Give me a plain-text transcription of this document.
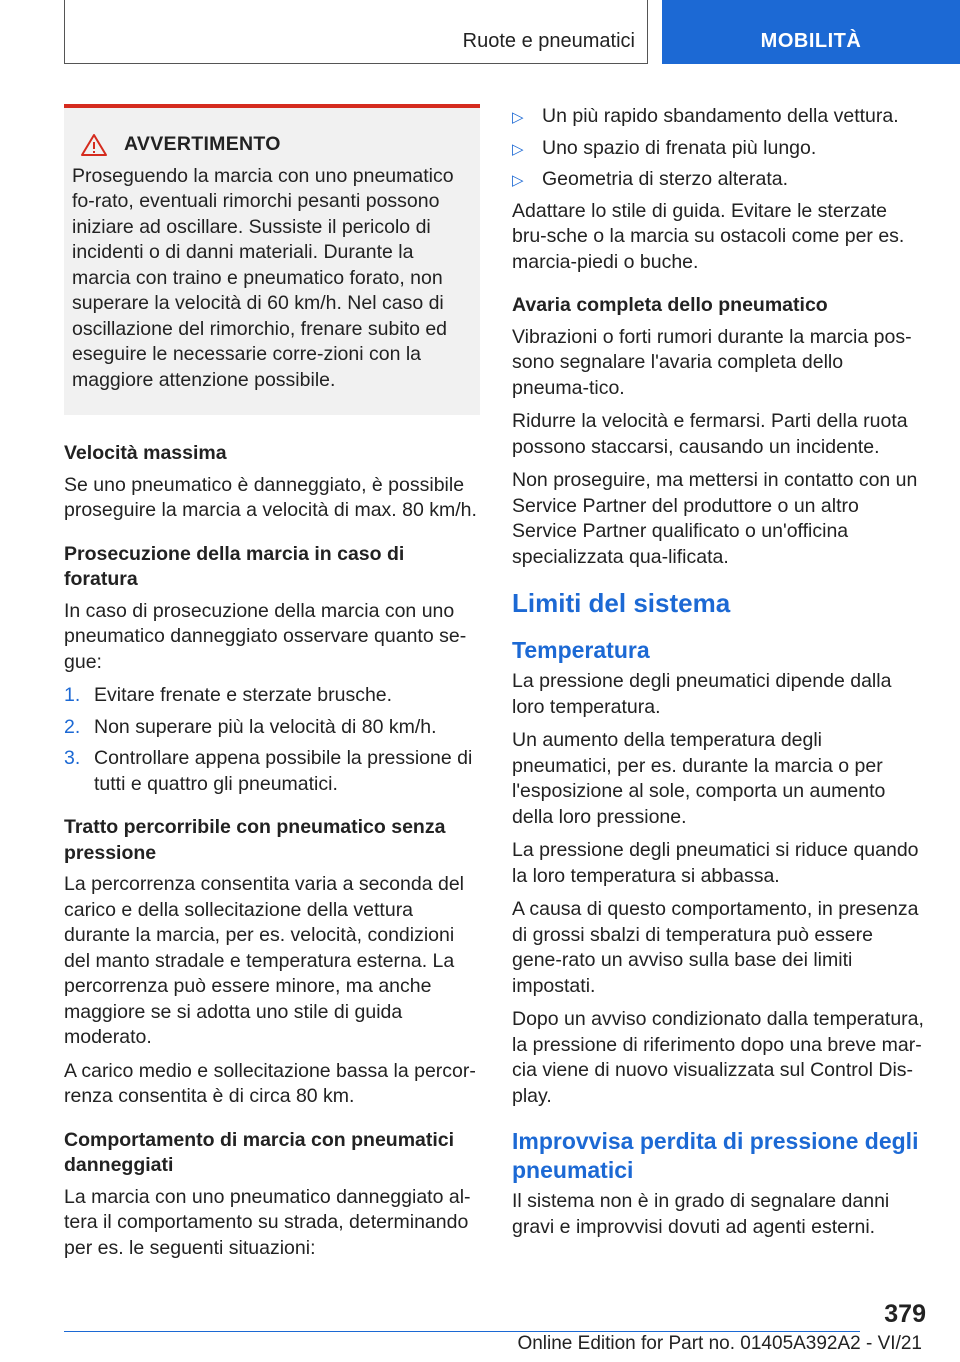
Ruote e pneumatici	MOBILITÀ
AVVERTIMENTO

Proseguendo la marcia con uno pneumatico fo-rato, eventuali rimorchi pesanti possono iniziare ad oscillare. Sussiste il pericolo di incidenti o di danni materiali. Durante la marcia con traino e pneumatico forato, non superare la velocità di 60 km/h. Nel caso di oscillazione del rimorchio, frenare subito ed eseguire le necessarie corre-zioni con la maggiore attenzione possibile.

Velocità massima

Se uno pneumatico è danneggiato, è possibile proseguire la marcia a velocità di max. 80 km/h.

Prosecuzione della marcia in caso di foratura

In caso di prosecuzione della marcia con uno pneumatico danneggiato osservare quanto se-gue:

1. Evitare frenate e sterzate brusche.
2. Non superare più la velocità di 80 km/h.
3. Controllare appena possibile la pressione di tutti e quattro gli pneumatici.
Tratto percorribile con pneumatico senza pressione

La percorrenza consentita varia a seconda del carico e della sollecitazione della vettura durante la marcia, per es. velocità, condizioni del manto stradale e temperatura esterna. La percorrenza può essere minore, ma anche maggiore se si adotta uno stile di guida moderato.

A carico medio e sollecitazione bassa la percor-renza consentita è di circa 80 km.

Comportamento di marcia con pneumatici danneggiati

La marcia con uno pneumatico danneggiato al-tera il comportamento su strada, determinando per es. le seguenti situazioni:

▷ Un più rapido sbandamento della vettura.
▷ Uno spazio di frenata più lungo.
▷ Geometria di sterzo alterata.

Adattare lo stile di guida. Evitare le sterzate bru-sche o la marcia su ostacoli come per es. marcia-piedi o buche.

Avaria completa dello pneumatico

Vibrazioni o forti rumori durante la marcia pos-sono segnalare l'avaria completa dello pneuma-tico.

Ridurre la velocità e fermarsi. Parti della ruota possono staccarsi, causando un incidente.

Non proseguire, ma mettersi in contatto con un Service Partner del produttore o un altro Service Partner qualificato o un'officina specializzata qua-lificata.

Limiti del sistema
Temperatura

La pressione degli pneumatici dipende dalla loro temperatura.

Un aumento della temperatura degli pneumatici, per es. durante la marcia o per l'esposizione al sole, comporta un aumento della loro pressione.

La pressione degli pneumatici si riduce quando la loro temperatura si abbassa.

A causa di questo comportamento, in presenza di grossi sbalzi di temperatura può essere gene-rato un avviso sulla base dei limiti impostati.

Dopo un avviso condizionato dalla temperatura, la pressione di riferimento dopo una breve mar-cia viene di nuovo visualizzata sul Control Dis-play.

Improvvisa perdita di pressione degli pneumatici

Il sistema non è in grado di segnalare danni gravi e improvvisi dovuti ad agenti esterni.

379
Online Edition for Part no. 01405A392A2 - VI/21
